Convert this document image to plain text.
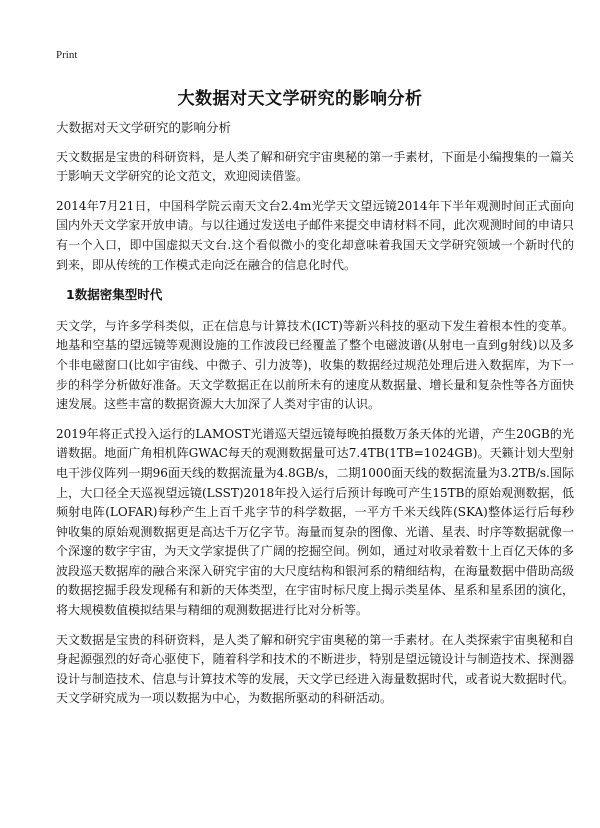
Print
大数据对天文学研究的影响分析

大数据对天文学研究的影响分析

天文数据是宝贵的科研资料，是人类了解和研究宇宙奥秘的第一手素材，下面是小编搜集的一篇关于影响天文学研究的论文范文，欢迎阅读借鉴。

2014年7月21日，中国科学院云南天文台2.4m光学天文望远镜2014年下半年观测时间正式面向国内外天文学家开放申请。与以往通过发送电子邮件来提交申请材料不同，此次观测时间的申请只有一个入口，即中国虚拟天文台.这个看似微小的变化却意味着我国天文学研究领域一个新时代的到来，即从传统的工作模式走向泛在融合的信息化时代。

1数据密集型时代

天文学，与许多学科类似，正在信息与计算技术(ICT)等新兴科技的驱动下发生着根本性的变革。地基和空基的望远镜等观测设施的工作波段已经覆盖了整个电磁波谱(从射电一直到g射线)以及多个非电磁窗口(比如宇宙线、中微子、引力波等)，收集的数据经过规范处理后进入数据库，为下一步的科学分析做好准备。天文学数据正在以前所未有的速度从数据量、增长量和复杂性等各方面快速发展。这些丰富的数据资源大大加深了人类对宇宙的认识。

2019年将正式投入运行的LAMOST光谱巡天望远镜每晚拍摄数万条天体的光谱，产生20GB的光谱数据。地面广角相机阵GWAC每天的观测数据量可达7.4TB(1TB=1024GB)。天籁计划大型射电干涉仪阵列一期96面天线的数据流量为4.8GB/s，二期1000面天线的数据流量为3.2TB/s.国际上，大口径全天巡视望远镜(LSST)2018年投入运行后预计每晚可产生15TB的原始观测数据，低频射电阵(LOFAR)每秒产生上百千兆字节的科学数据，一平方千米天线阵(SKA)整体运行后每秒钟收集的原始观测数据更是高达千万亿字节。海量而复杂的图像、光谱、星表、时序等数据就像一个深邃的数字宇宙，为天文学家提供了广阔的挖掘空间。例如，通过对收录着数十上百亿天体的多波段巡天数据库的融合来深入研究宇宙的大尺度结构和银河系的精细结构，在海量数据中借助高级的数据挖掘手段发现稀有和新的天体类型，在宇宙时标尺度上揭示类星体、星系和星系团的演化，将大规模数值模拟结果与精细的观测数据进行比对分析等。

天文数据是宝贵的科研资料，是人类了解和研究宇宙奥秘的第一手素材。在人类探索宇宙奥秘和自身起源强烈的好奇心驱使下，随着科学和技术的不断进步，特别是望远镜设计与制造技术、探测器设计与制造技术、信息与计算技术等的发展，天文学已经进入海量数据时代，或者说大数据时代。天文学研究成为一项以数据为中心，为数据所驱动的科研活动。
